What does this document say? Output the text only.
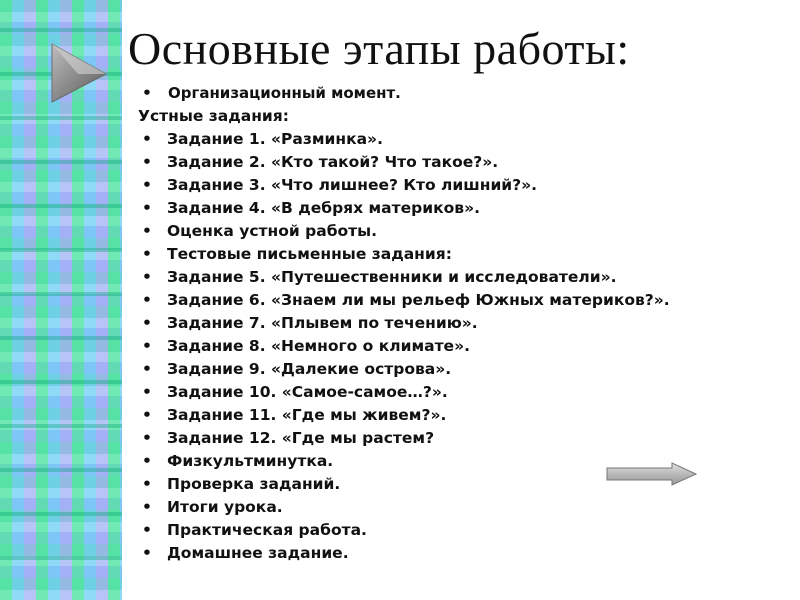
Основные этапы работы:
• Организационный момент.
Устные задания:
• Задание 1. «Разминка».
• Задание 2. «Кто такой? Что такое?».
• Задание 3. «Что лишнее? Кто лишний?».
• Задание 4. «В дебрях материков».
• Оценка устной работы.
• Тестовые письменные задания:
• Задание 5. «Путешественники и исследователи».
• Задание 6. «Знаем ли мы рельеф Южных материков?».
• Задание 7. «Плывем по течению».
• Задание 8. «Немного о климате».
• Задание 9. «Далекие острова».
• Задание 10. «Самое-самое…?».
• Задание 11. «Где мы живем?».
• Задание 12. «Где мы растем?
• Физкультминутка.
• Проверка заданий.
• Итоги урока.
• Практическая работа.
• Домашнее задание.
